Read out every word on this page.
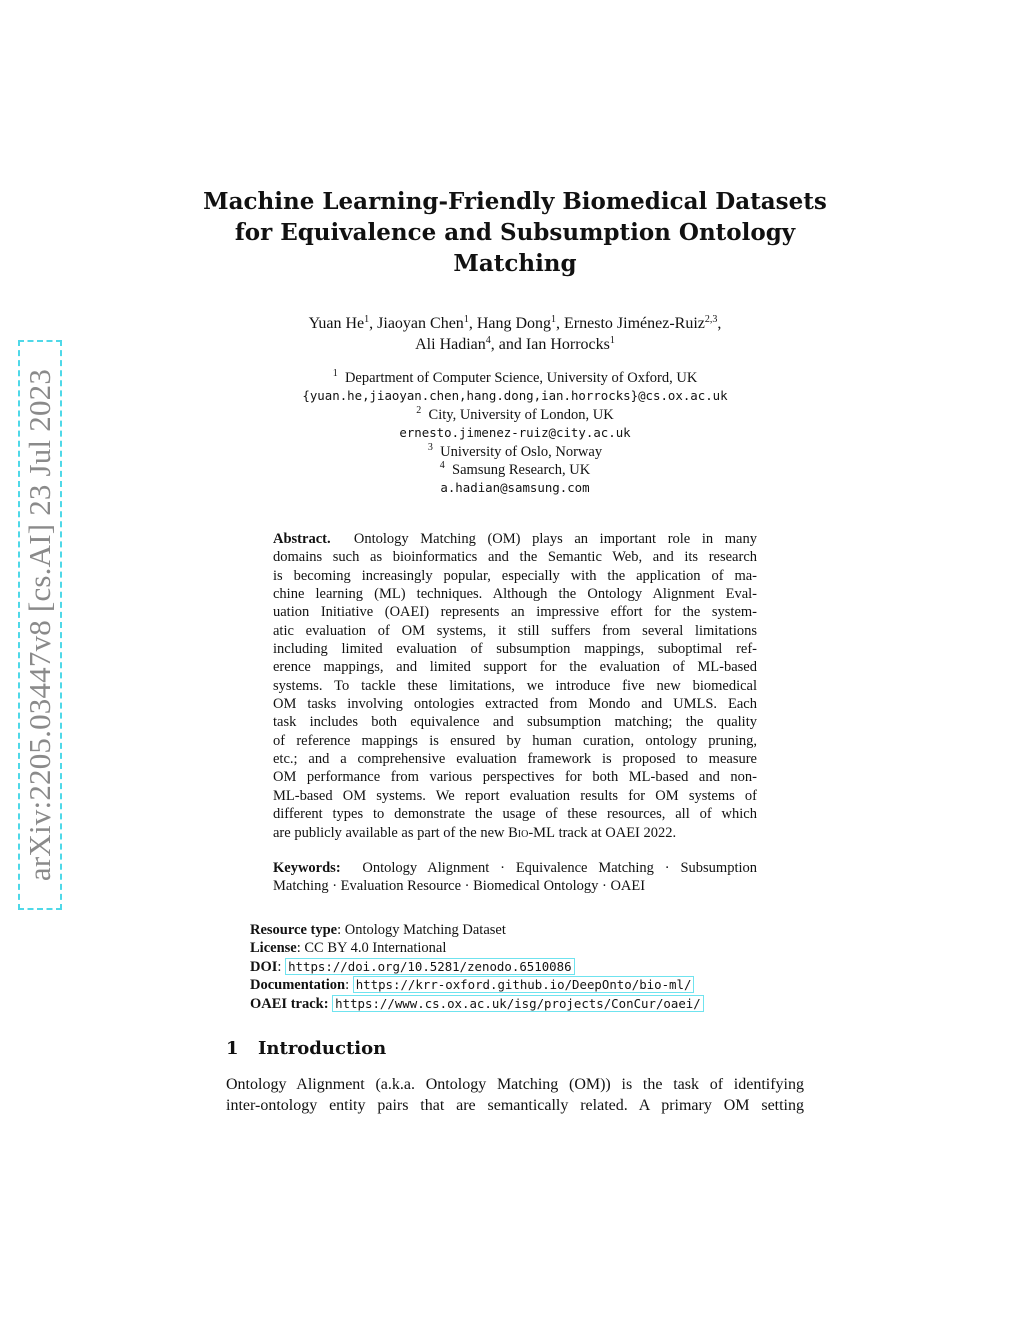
arXiv:2205.03447v8 [cs.AI] 23 Jul 2023
Machine Learning-Friendly Biomedical Datasets
for Equivalence and Subsumption Ontology
Matching
Yuan He$^1$, Jiaoyan Chen$^1$, Hang Dong$^1$, Ernesto Jiménez-Ruiz$^{2,3}$,
Ali Hadian$^4$, and Ian Horrocks$^1$
$^1$ Department of Computer Science, University of Oxford, UK
{yuan.he,jiaoyan.chen,hang.dong,ian.horrocks}@cs.ox.ac.uk
$^2$ City, University of London, UK
ernesto.jimenez-ruiz@city.ac.uk
$^3$ University of Oslo, Norway
$^4$ Samsung Research, UK
a.hadian@samsung.com
Abstract. Ontology Matching (OM) plays an important role in many
domains such as bioinformatics and the Semantic Web, and its research
is becoming increasingly popular, especially with the application of ma-
chine learning (ML) techniques. Although the Ontology Alignment Eval-
uation Initiative (OAEI) represents an impressive effort for the system-
atic evaluation of OM systems, it still suffers from several limitations
including limited evaluation of subsumption mappings, suboptimal ref-
erence mappings, and limited support for the evaluation of ML-based
systems. To tackle these limitations, we introduce five new biomedical
OM tasks involving ontologies extracted from Mondo and UMLS. Each
task includes both equivalence and subsumption matching; the quality
of reference mappings is ensured by human curation, ontology pruning,
etc.; and a comprehensive evaluation framework is proposed to measure
OM performance from various perspectives for both ML-based and non-
ML-based OM systems. We report evaluation results for OM systems of
different types to demonstrate the usage of these resources, all of which
are publicly available as part of the new Bio-ML track at OAEI 2022.
Keywords: Ontology Alignment · Equivalence Matching · Subsumption
Matching · Evaluation Resource · Biomedical Ontology · OAEI
Resource type: Ontology Matching Dataset
License: CC BY 4.0 International
DOI: https://doi.org/10.5281/zenodo.6510086
Documentation: https://krr-oxford.github.io/DeepOnto/bio-ml/
OAEI track: https://www.cs.ox.ac.uk/isg/projects/ConCur/oaei/
1 Introduction
Ontology Alignment (a.k.a. Ontology Matching (OM)) is the task of identifying
inter-ontology entity pairs that are semantically related. A primary OM setting
